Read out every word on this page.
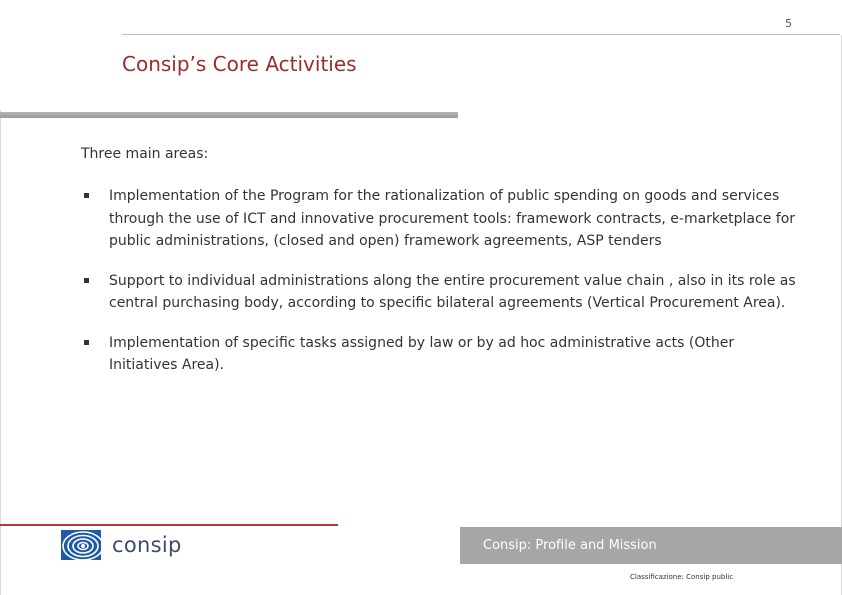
5
Consip’s Core Activities
Three main areas:
Implementation of the Program for the rationalization of public spending on goods and services through the use of ICT and innovative procurement tools: framework contracts, e-marketplace for public administrations, (closed and open) framework agreements, ASP tenders
Support to individual administrations along the entire procurement value chain , also in its role as central purchasing body, according to specific bilateral agreements (Vertical Procurement Area).
Implementation of specific tasks assigned by law or by ad hoc administrative acts (Other Initiatives Area).
consip	Consip: Profile and Mission
Classificazione: Consip public
